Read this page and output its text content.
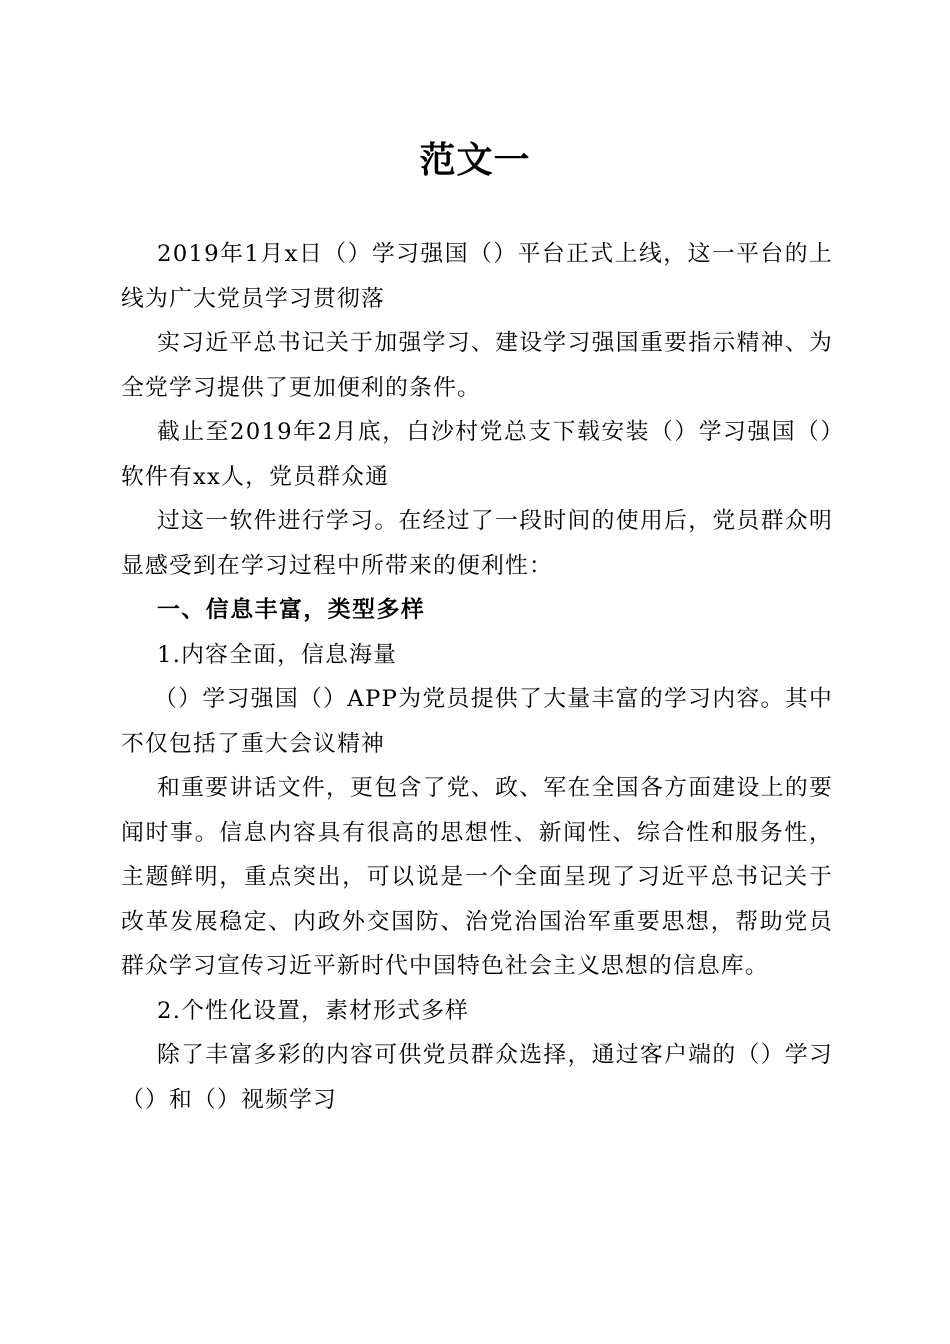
范文一

2019年1月x日（）学习强国（）平台正式上线，这一平台的上线为广大党员学习贯彻落

实习近平总书记关于加强学习、建设学习强国重要指示精神、为全党学习提供了更加便利的条件。

截止至2019年2月底，白沙村党总支下载安装（）学习强国（）软件有xx人，党员群众通

过这一软件进行学习。在经过了一段时间的使用后，党员群众明显感受到在学习过程中所带来的便利性：

一、信息丰富，类型多样

1.内容全面，信息海量

（）学习强国（）APP为党员提供了大量丰富的学习内容。其中不仅包括了重大会议精神

和重要讲话文件，更包含了党、政、军在全国各方面建设上的要闻时事。信息内容具有很高的思想性、新闻性、综合性和服务性，主题鲜明，重点突出，可以说是一个全面呈现了习近平总书记关于改革发展稳定、内政外交国防、治党治国治军重要思想，帮助党员群众学习宣传习近平新时代中国特色社会主义思想的信息库。

2.个性化设置，素材形式多样

除了丰富多彩的内容可供党员群众选择，通过客户端的（）学习（）和（）视频学习
